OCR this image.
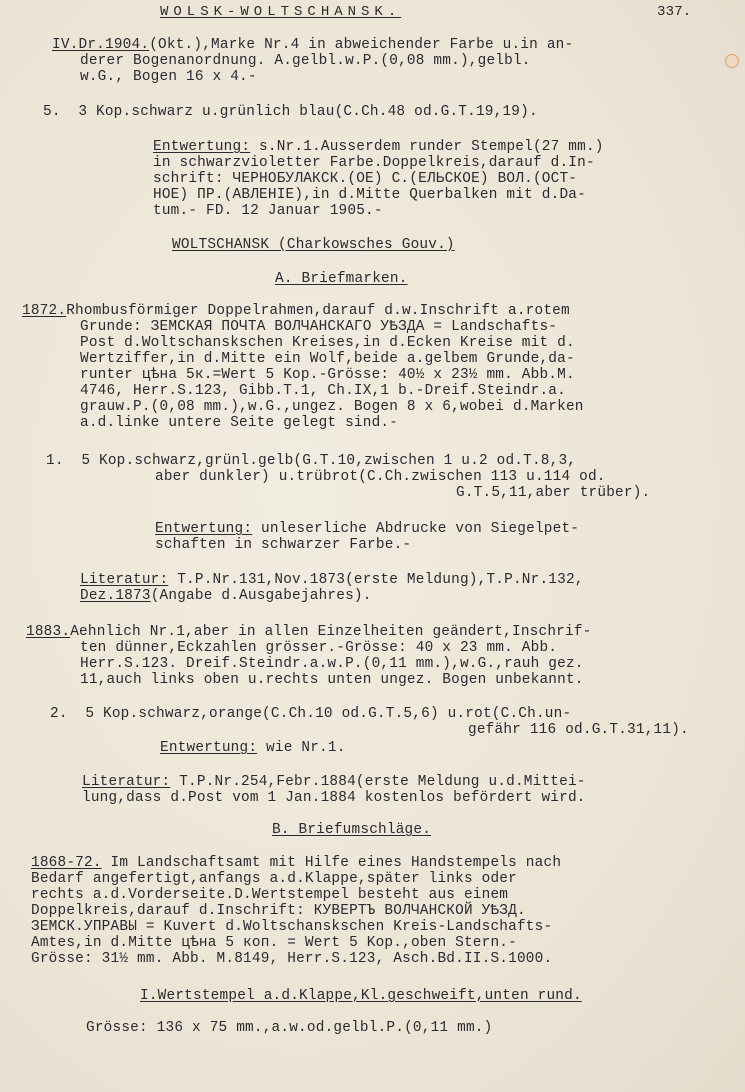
WOLSK-WOLTSCHANSK.	337.
IV.Dr.1904.(Okt.),Marke Nr.4 in abweichender Farbe u.in an-
derer Bogenanordnung. A.gelbl.w.P.(0,08 mm.),gelbl.
w.G., Bogen 16 x 4.-
5.  3 Kop.schwarz u.grünlich blau(C.Ch.48 od.G.T.19,19).
Entwertung: s.Nr.1.Ausserdem runder Stempel(27 mm.)
in schwarzvioletter Farbe.Doppelkreis,darauf d.In-
schrift: ЧЕРНОБУЛАКСК.(ОЕ) С.(ЕЛЬСКОЕ) ВОЛ.(ОСТ-
НОЕ) ПР.(АВЛЕНІЕ),in d.Mitte Querbalken mit d.Da-
tum.- FD. 12 Januar 1905.-
WOLTSCHANSK (Charkowsches Gouv.)
A. Briefmarken.
1872.Rhombusförmiger Doppelrahmen,darauf d.w.Inschrift a.rotem
Grunde: ЗЕМСКАЯ ПОЧТА ВОЛЧАНСКАГО УѢЗДА = Landschafts-
Post d.Woltschanskschen Kreises,in d.Ecken Kreise mit d.
Wertziffer,in d.Mitte ein Wolf,beide a.gelbem Grunde,da-
runter цѣна 5к.=Wert 5 Kop.-Grösse: 40½ x 23½ mm. Abb.M.
4746, Herr.S.123, Gibb.T.1, Ch.IX,1 b.-Dreif.Steindr.a.
grauw.P.(0,08 mm.),w.G.,ungez. Bogen 8 x 6,wobei d.Marken
a.d.linke untere Seite gelegt sind.-
1.  5 Kop.schwarz,grünl.gelb(G.T.10,zwischen 1 u.2 od.T.8,3,
aber dunkler) u.trübrot(C.Ch.zwischen 113 u.114 od.
G.T.5,11,aber trüber).
Entwertung: unleserliche Abdrucke von Siegelpet-
schaften in schwarzer Farbe.-
Literatur: T.P.Nr.131,Nov.1873(erste Meldung),T.P.Nr.132,
Dez.1873(Angabe d.Ausgabejahres).
1883.Aehnlich Nr.1,aber in allen Einzelheiten geändert,Inschrif-
ten dünner,Eckzahlen grösser.-Grösse: 40 x 23 mm. Abb.
Herr.S.123. Dreif.Steindr.a.w.P.(0,11 mm.),w.G.,rauh gez.
11,auch links oben u.rechts unten ungez. Bogen unbekannt.
2.  5 Kop.schwarz,orange(C.Ch.10 od.G.T.5,6) u.rot(C.Ch.un-
gefähr 116 od.G.T.31,11).
Entwertung: wie Nr.1.
Literatur: T.P.Nr.254,Febr.1884(erste Meldung u.d.Mittei-
lung,dass d.Post vom 1 Jan.1884 kostenlos befördert wird.
B. Briefumschläge.
1868-72. Im Landschaftsamt mit Hilfe eines Handstempels nach
Bedarf angefertigt,anfangs a.d.Klappe,später links oder
rechts a.d.Vorderseite.D.Wertstempel besteht aus einem
Doppelkreis,darauf d.Inschrift: КУВЕРТЪ ВОЛЧАНСКОЙ УѢЗД.
ЗЕМСК.УПРАВЫ = Kuvert d.Woltschanskschen Kreis-Landschafts-
Amtes,in d.Mitte цѣна 5 коп. = Wert 5 Kop.,oben Stern.-
Grösse: 31½ mm. Abb. M.8149, Herr.S.123, Asch.Bd.II.S.1000.
I.Wertstempel a.d.Klappe,Kl.geschweift,unten rund.
Grösse: 136 x 75 mm.,a.w.od.gelbl.P.(0,11 mm.)
